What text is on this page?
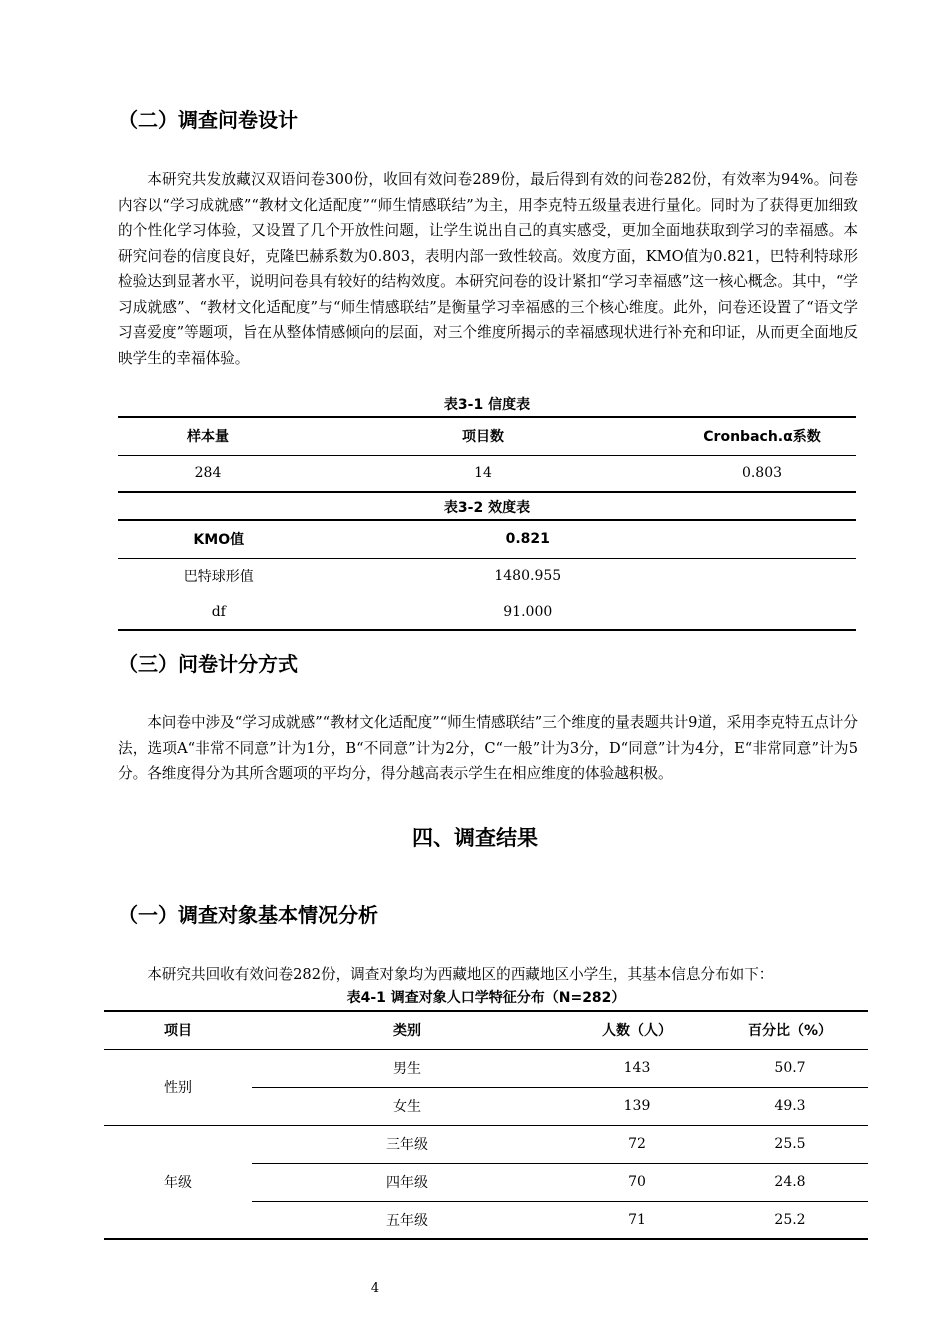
（二）调查问卷设计
本研究共发放藏汉双语问卷300份，收回有效问卷289份，最后得到有效的问卷282份，有效率为94%。问卷内容以“学习成就感”“教材文化适配度”“师生情感联结”为主，用李克特五级量表进行量化。同时为了获得更加细致的个性化学习体验，又设置了几个开放性问题，让学生说出自己的真实感受，更加全面地获取到学习的幸福感。本研究问卷的信度良好，克隆巴赫系数为0.803，表明内部一致性较高。效度方面，KMO值为0.821，巴特利特球形检验达到显著水平，说明问卷具有较好的结构效度。本研究问卷的设计紧扣“学习幸福感”这一核心概念。其中，“学习成就感”、“教材文化适配度”与“师生情感联结”是衡量学习幸福感的三个核心维度。此外，问卷还设置了“语文学习喜爱度”等题项，旨在从整体情感倾向的层面，对三个维度所揭示的幸福感现状进行补充和印证，从而更全面地反映学生的幸福体验。
表3-1 信度表
样本量	项目数	Cronbach.α系数
284	14	0.803
表3-2 效度表
KMO值	0.821
巴特球形值	1480.955
df	91.000
（三）问卷计分方式
本问卷中涉及“学习成就感”“教材文化适配度”“师生情感联结”三个维度的量表题共计9道，采用李克特五点计分法，选项A“非常不同意”计为1分，B“不同意”计为2分，C“一般”计为3分，D“同意”计为4分，E“非常同意”计为5分。各维度得分为其所含题项的平均分，得分越高表示学生在相应维度的体验越积极。
四、调查结果
（一）调查对象基本情况分析
本研究共回收有效问卷282份，调查对象均为西藏地区的西藏地区小学生，其基本信息分布如下：
表4-1 调查对象人口学特征分布（N=282）
项目	类别	人数（人）	百分比（%）
性别	男生	143	50.7
	女生	139	49.3
年级	三年级	72	25.5
	四年级	70	24.8
	五年级	71	25.2
4
